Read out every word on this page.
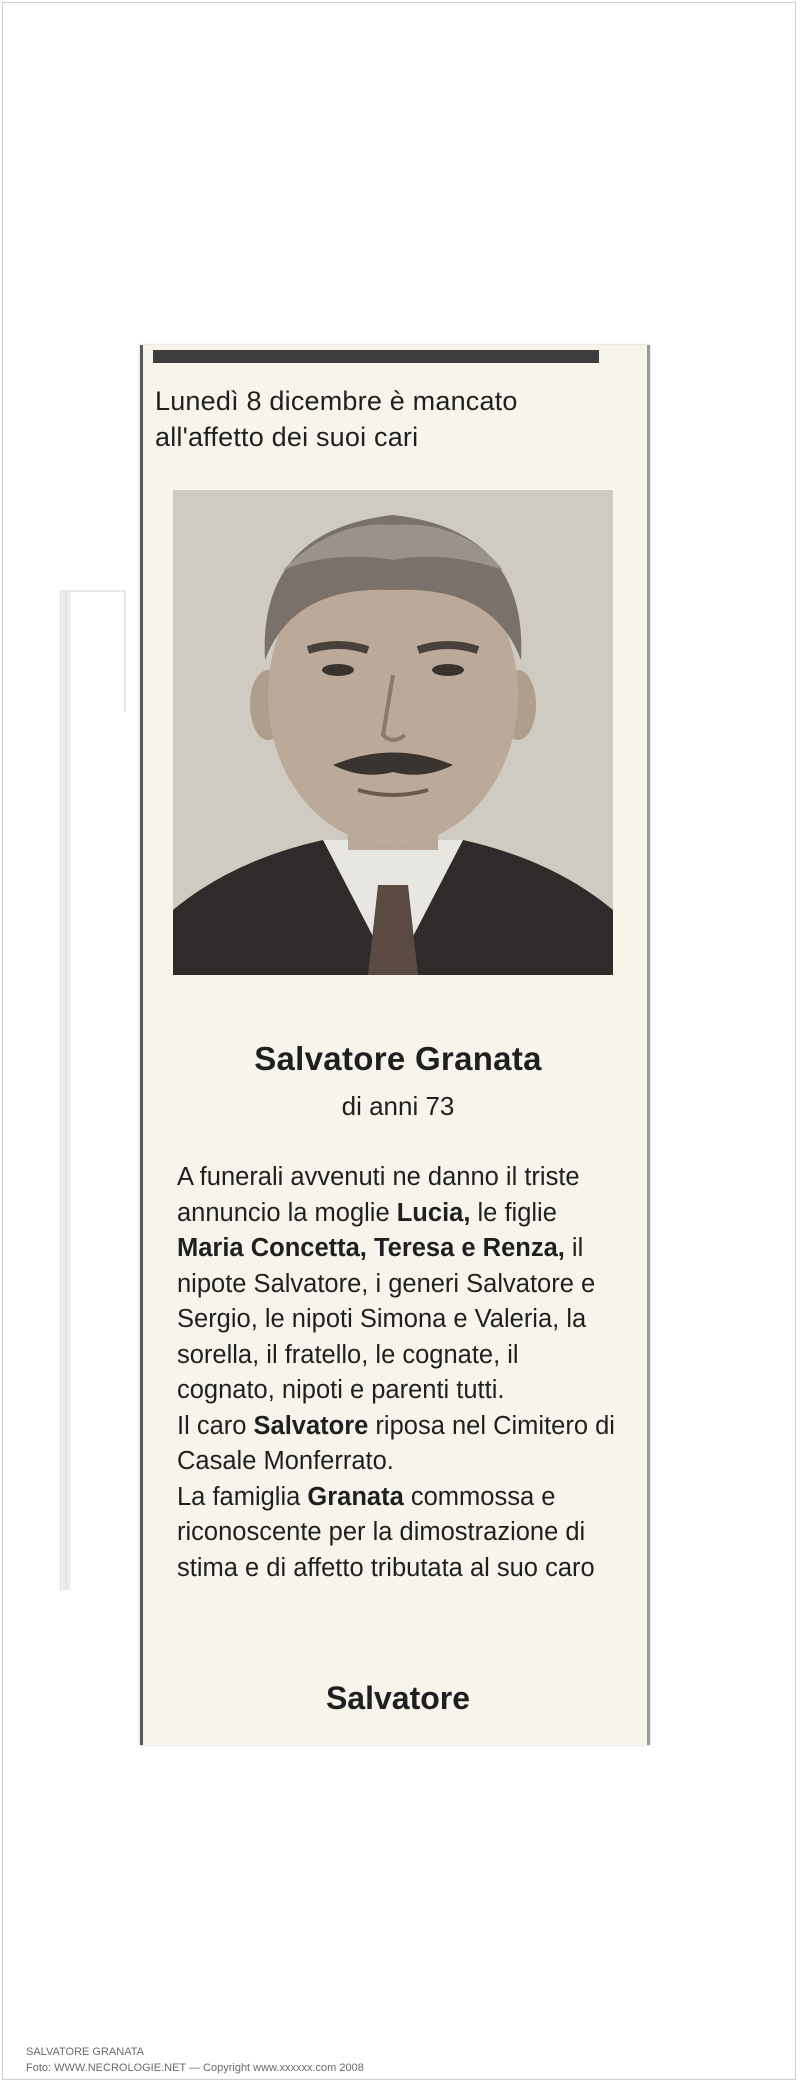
Lunedì 8 dicembre è mancato all'affetto dei suoi cari
Salvatore Granata
di anni 73

A funerali avvenuti ne danno il triste annuncio la moglie Lucia, le figlie Maria Concetta, Teresa e Renza, il nipote Salvatore, i generi Salvatore e Sergio, le nipoti Simona e Valeria, la sorella, il fratello, le cognate, il cognato, nipoti e parenti tutti.

Il caro Salvatore riposa nel Cimitero di Casale Monferrato.

La famiglia Granata commossa e riconoscente per la dimostrazione di stima e di affetto tributata al suo caro

Salvatore
SALVATORE GRANATA
Foto: WWW.NECROLOGIE.NET — Copyright www.xxxxxx.com 2008
